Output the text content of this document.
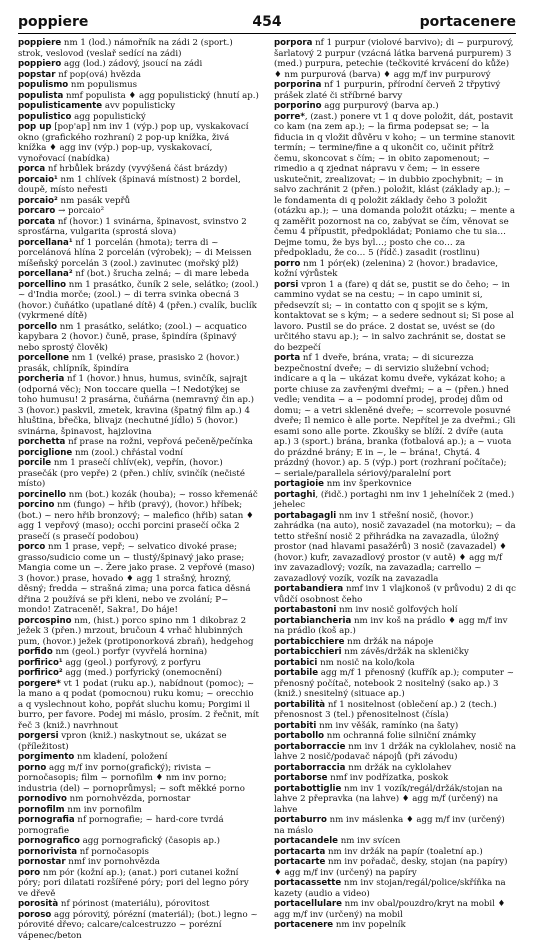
poppiere	454	portacenere

poppiere nm 1 (lod.) námořník na zádi 2 (sport.) strok, veslovod (veslař sedící na zádi)

poppiero agg (lod.) zádový, jsoucí na zádi

popstar nf pop(ová) hvězda

populismo nm populismus

populista nmf populista ♦ agg populistický (hnutí ap.)

populisticamente avv populisticky

populistico agg populistický

pop up [pop'ap] nm inv 1 (výp.) pop up, vyskakovací okno (grafického rozhraní) 2 pop-up knížka, živá knížka ♦ agg inv (výp.) pop-up, vyskakovací, vynořovací (nabídka)

porca nf hrbůlek brázdy (vyvýšená část brázdy)

porcaio¹ nm 1 chlívek (špinavá místnost) 2 bordel, doupě, místo neřesti

porcaio² nm pasák vepřů

porcaro → porcaio²

porcata nf (hovor.) 1 svinárna, špinavost, svinstvo 2 sprosťárna, vulgarita (sprostá slova)

porcellana¹ nf 1 porcelán (hmota); terra di ~ porcelánová hlína 2 porcelán (výrobek); ~ di Meissen míšeňský porcelán 3 (zool.) zavinutec (mořský plž)

porcellana² nf (bot.) šrucha zelná; ~ di mare lebeda

porcellino nm 1 prasátko, čuník 2 sele, selátko; (zool.) ~ d'India morče; (zool.) ~ di terra svinka obecná 3 (hovor.) čuňátko (upatlané dítě) 4 (přen.) cvalík, buclík (vykrmené dítě)

porcello nm 1 prasátko, selátko; (zool.) ~ acquatico kapybara 2 (hovor.) čuně, prase, špindíra (špinavý nebo sprostý člověk)

porcellone nm 1 (velké) prase, prasisko 2 (hovor.) prasák, chlípník, špindíra

porcheria nf 1 (hovor.) hnus, humus, svinčík, sajrajt (odporná věc); Non toccare quella ~! Nedotýkej se toho humusu! 2 prasárna, čuňárna (nemravný čin ap.) 3 (hovor.) paskvil, zmetek, kravina (špatný film ap.) 4 hluština, břečka, blivajz (nechutné jídlo) 5 (hovor.) svinárna, špinavost, hajzlovina

porchetta nf prase na rožni, vepřová pečeně/pečínka

porciglione nm (zool.) chřástal vodní

porcile nm 1 prasečí chlív(ek), vepřín, (hovor.) prasečák (pro vepře) 2 (přen.) chlív, svinčík (nečisté místo)

porcinello nm (bot.) kozák (houba); ~ rosso křemenáč

porcino nm (fungo) ~ hřib (pravý), (hovor.) hříbek; (bot.) ~ nero hřib bronzový; ~ malefico (hřib) satan ♦ agg 1 vepřový (maso); occhi porcini prasečí očka 2 prasečí (s prasečí podobou)

porco nm 1 prase, vepř; ~ selvatico divoké prase; grasso/sudicio come un ~ tlustý/špinavý jako prase; Mangia come un ~. Žere jako prase. 2 vepřové (maso) 3 (hovor.) prase, hovado ♦ agg 1 strašný, hrozný, děsný; fredda ~ strašná zima; una porca fatica děsná dřina 2 používá se při kleni, nebo ve zvolání; P~ mondo! Zatraceně!, Sakra!, Do háje!

porcospino nm, (hist.) porco spino nm 1 dikobraz 2 ježek 3 (přen.) mrzout, bručoun 4 vrhač hlubinných pum, (hovor.) ježek (protiponorková zbraň), hedgehog

porfido nm (geol.) porfyr (vyvřelá hornina)

porfirico¹ agg (geol.) porfyrový, z porfyru

porfirico² agg (med.) porfyrický (onemocnění)

porgere* vt 1 podat (ruku ap.), nabídnout (pomoc); ~ la mano a q podat (pomocnou) ruku komu; ~ orecchio a q vyslechnout koho, popřát sluchu komu; Porgimi il burro, per favore. Podej mi máslo, prosím. 2 řečnit, mít řeč 3 (kniž.) navrhnout

porgersi vpron (kniž.) naskytnout se, ukázat se (příležitost)

porgimento nm kladení, položení

porno agg m/f inv porno(grafický); rivista ~ pornočasopis; film ~ pornofilm ♦ nm inv porno; industria (del) ~ pornoprůmysl; ~ soft měkké porno

pornodivo nm pornohvězda, pornostar

pornofilm nm inv pornofilm

pornografia nf pornografie; ~ hard-core tvrdá pornografie

pornografico agg pornografický (časopis ap.)

pornorivista nf pornočasopis

pornostar nmf inv pornohvězda

poro nm pór (kožní ap.); (anat.) pori cutanei kožní póry; pori dilatati rozšířené póry; pori del legno póry ve dřevě

porosità nf pórinost (materiálu), pórovitost

poroso agg pórovitý, pórézní (materiál); (bot.) legno ~ pórovité dřevo; calcare/calcestruzzo ~ porézní vápenec/beton

porpora nf 1 purpur (violové barvivo); di ~ purpurový, šarlatový 2 purpur (vzácná látka barvená purpurem) 3 (med.) purpura, petechie (tečkovité krvácení do kůže) ♦ nm purpurová (barva) ♦ agg m/f inv purpurový

porporina nf 1 purpurin, přírodní červeň 2 třpytivý prášek zlaté či stříbrné barvy

porporino agg purpurový (barva ap.)

porre*, (zast.) ponere vt 1 q dove položit, dát, postavit co kam (na zem ap.); ~ la firma podepsat se; ~ la fiducia in q vložit důvěru v koho; ~ un termine stanovit termín; ~ termine/fine a q ukončit co, učinit přítrž čemu, skoncovat s čím; ~ in obito zapomenout; ~ rimedio a q zjednat nápravu v čem; ~ in essere uskutečnit, zrealizovat; ~ in dubbio zpochybnit; ~ in salvo zachránit 2 (přen.) položit, klást (základy ap.); ~ le fondamenta di q položit základy čeho 3 položit (otázku ap.); ~ una domanda položit otázku; ~ mente a q zaměřit pozornost na co, zabývat se čím, věnovat se čemu 4 přípustit, předpokládat; Poniamo che tu sia… Dejme tomu, že bys byl…; posto che co… za předpokladu, že co… 5 (řídč.) zasadit (rostlinu)

porro nm 1 pór(ek) (zelenina) 2 (hovor.) bradavice, kožní výrůstek

porsi vpron 1 a (fare) q dát se, pustit se do čeho; ~ in cammino vydat se na cestu; ~ in capo uminit si, předsevzít si; ~ in contatto con q spojit se s kým, kontaktovat se s kým; ~ a sedere sednout si; Si pose al lavoro. Pustil se do práce. 2 dostat se, uvést se (do určitého stavu ap.); ~ in salvo zachránit se, dostat se do bezpečí

porta nf 1 dveře, brána, vrata; ~ di sicurezza bezpečnostní dveře; ~ di servizio služební vchod; indicare a q la ~ ukázat komu dveře, vykázat koho; a porte chiuse za zavřenými dveřmi; ~ a ~ (přen.) hned vedle; vendita ~ a ~ podomní prodej, prodej dům od domu; ~ a vetri skleněné dveře; ~ scorrevole posuvné dveře; Il nemico è alle porte. Nepřítel je za dveřmi.; Gli esami sono alle porte. Zkoušky se blíží. 2 dvíře (auta ap.) 3 (sport.) brána, branka (fotbalová ap.); a ~ vuota do prázdné brány; E in ~, le ~ brána!, Chytá. 4 prázdný (hovor.) ap. 5 (výp.) port (rozhraní počítače); ~ seriale/parallela sériový/paralelní port

portagioie nm inv šperkovnice

portaghi, (řidč.) portaghi nm inv 1 jehelníček 2 (med.) jehelec

portabagagli nm inv 1 střešní nosič, (hovor.) zahrádka (na auto), nosič zavazadel (na motorku); ~ da tetto střešní nosič 2 přihrádka na zavazadla, úložný prostor (nad hlavami pasažérů) 3 nosič (zavazadel) ♦ (hovor.) kufr, zavazadlový prostor (v autě) ♦ agg m/f inv zavazadlový; vozík, na zavazadla; carrello ~ zavazadlový vozík, vozík na zavazadla

portabandiera nmf inv 1 vlajkonoš (v průvodu) 2 di qc vůdčí osobnost čeho

portabastoni nm inv nosič golfových holí

portabiancheria nm inv koš na prádlo ♦ agg m/f inv na prádlo (koš ap.)

portabicchiere nm držák na nápoje

portabicchieri nm závěs/držák na skleničky

portabici nm nosič na kolo/kola

portabile agg m/f 1 přenosný (kufřík ap.); computer ~ přenosný počítač, notebook 2 nositelný (sako ap.) 3 (kniž.) snesitelný (situace ap.)

portabilità nf 1 nositelnost (oblečení ap.) 2 (tech.) přenosnost 3 (tel.) přenositelnost (čísla)

portabiti nm inv věšák, ramínko (na šaty)

portabollo nm ochranná folie silniční známky

portaborraccie nm inv 1 držák na cyklolahev, nosič na lahve 2 nosič/podavač nápojů (při závodu)

portaborraccia nm držák na cyklolahev

portaborse nmf inv podřízatka, poskok

portabottiglie nm inv 1 vozík/regál/držák/stojan na lahve 2 přepravka (na lahve) ♦ agg m/f (určený) na lahve

portaburro nm inv máslenka ♦ agg m/f inv (určený) na máslo

portacandele nm inv svícen

portacarta nm inv držák na papír (toaletní ap.)

portacarte nm inv pořadač, desky, stojan (na papíry) ♦ agg m/f inv (určený) na papíry

portacassette nm inv stojan/regál/police/skříňka na kazety (audio a video)

portacellulare nm inv obal/pouzdro/kryt na mobil ♦ agg m/f inv (určený) na mobil

portacenere nm inv popelník
